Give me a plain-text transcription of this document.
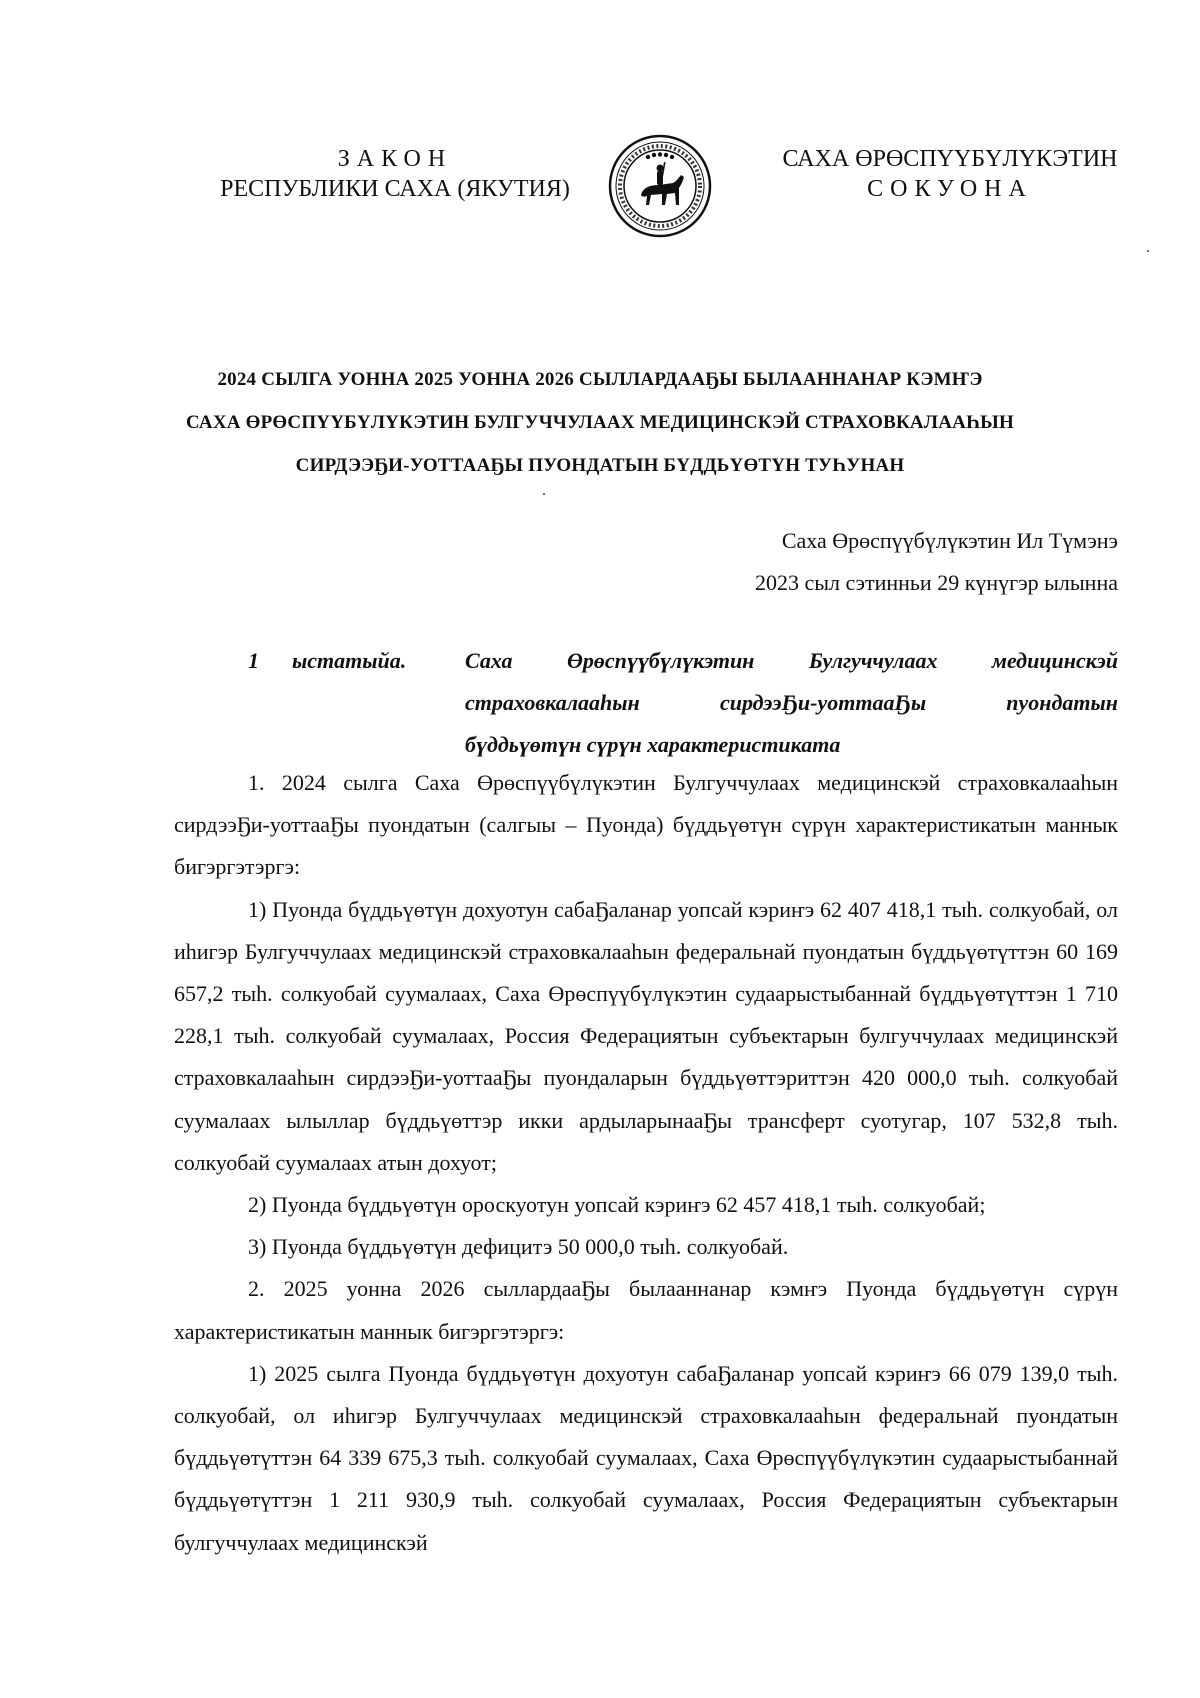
ЗАКОН
РЕСПУБЛИКИ САХА (ЯКУТИЯ)
САХА ӨРӨСПҮҮБҮЛҮКЭТИН
СОКУОНА
2024 СЫЛГА УОННА 2025 УОННА 2026 СЫЛЛАРДААҔЫ БЫЛААННАНАР КЭМҤЭ
САХА ӨРӨСПҮҮБҮЛҮКЭТИН БУЛГУЧЧУЛААХ МЕДИЦИНСКЭЙ СТРАХОВКАЛААҺЫН
СИРДЭЭҔИ-УОТТААҔЫ ПУОНДАТЫН БҮДДЬҮӨТҮН ТУҺУНАН
Саха Өрөспүүбүлүкэтин Ил Түмэнэ
2023 сыл сэтинньи 29 күнүгэр ылынна
1 ыстатыйа.	Саха Өрөспүүбүлүкэтин Булгуччулаах медицинскэй
страховкалааһын сирдээҔи-уоттааҔы пуондатын
бүддьүөтүн сүрүн характеристиката

1. 2024 сылга Саха Өрөспүүбүлүкэтин Булгуччулаах медицинскэй страховкалааһын сирдээҔи-уоттааҔы пуондатын (салгыы – Пуонда) бүддьүөтүн сүрүн характеристикатын маннык бигэргэтэргэ:

1) Пуонда бүддьүөтүн дохуотун сабаҔаланар уопсай кэриҥэ 62 407 418,1 тыһ. солкуобай, ол иһигэр Булгуччулаах медицинскэй страховкалааһын федеральнай пуондатын бүддьүөтүттэн 60 169 657,2 тыһ. солкуобай суумалаах, Саха Өрөспүүбүлүкэтин судаарыстыбаннай бүддьүөтүттэн 1 710 228,1 тыһ. солкуобай суумалаах, Россия Федерациятын субъектарын булгуччулаах медицинскэй страховкалааһын сирдээҔи-уоттааҔы пуондаларын бүддьүөттэриттэн 420 000,0 тыһ. солкуобай суумалаах ылыллар бүддьүөттэр икки ардыларынааҔы трансферт суотугар, 107 532,8 тыһ. солкуобай суумалаах атын дохуот;

2) Пуонда бүддьүөтүн ороскуотун уопсай кэриҥэ 62 457 418,1 тыһ. солкуобай;

3) Пуонда бүддьүөтүн дефицитэ 50 000,0 тыһ. солкуобай.

2. 2025 уонна 2026 сыллардааҔы былааннанар кэмҥэ Пуонда бүддьүөтүн сүрүн характеристикатын маннык бигэргэтэргэ:

1) 2025 сылга Пуонда бүддьүөтүн дохуотун сабаҔаланар уопсай кэриҥэ 66 079 139,0 тыһ. солкуобай, ол иһигэр Булгуччулаах медицинскэй страховкалааһын федеральнай пуондатын бүддьүөтүттэн 64 339 675,3 тыһ. солкуобай суумалаах, Саха Өрөспүүбүлүкэтин судаарыстыбаннай бүддьүөтүттэн 1 211 930,9 тыһ. солкуобай суумалаах, Россия Федерациятын субъектарын булгуччулаах медицинскэй
